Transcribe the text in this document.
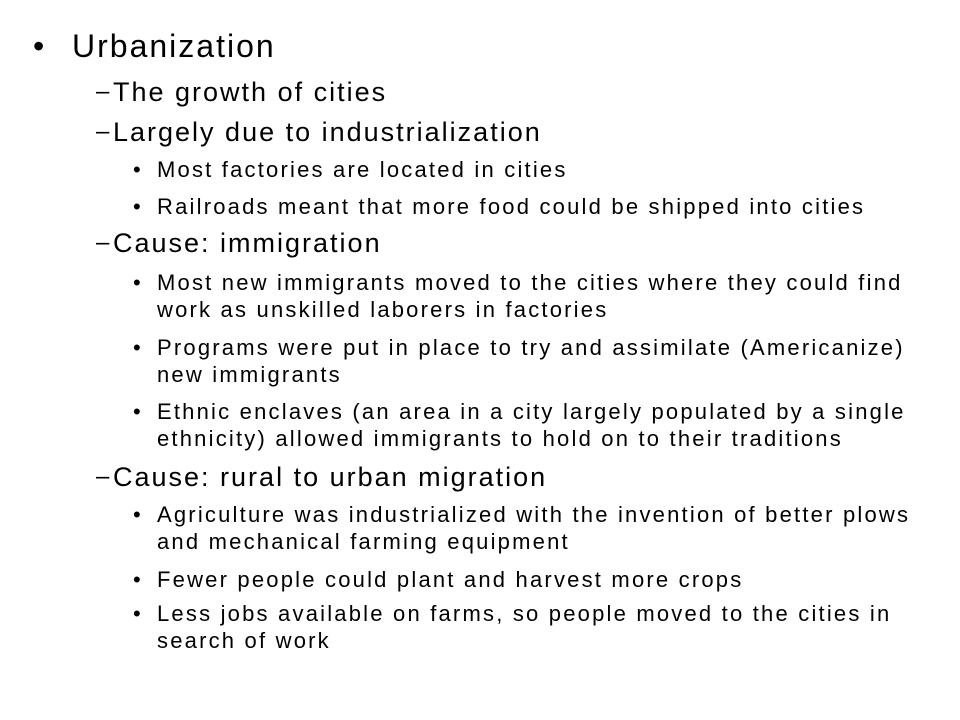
• Urbanization
– The growth of cities
– Largely due to industrialization
• Most factories are located in cities
• Railroads meant that more food could be shipped into cities
– Cause: immigration
• Most new immigrants moved to the cities where they could find work as unskilled laborers in factories
• Programs were put in place to try and assimilate (Americanize) new immigrants
• Ethnic enclaves (an area in a city largely populated by a single ethnicity) allowed immigrants to hold on to their traditions
– Cause: rural to urban migration
• Agriculture was industrialized with the invention of better plows and mechanical farming equipment
• Fewer people could plant and harvest more crops
• Less jobs available on farms, so people moved to the cities in search of work
